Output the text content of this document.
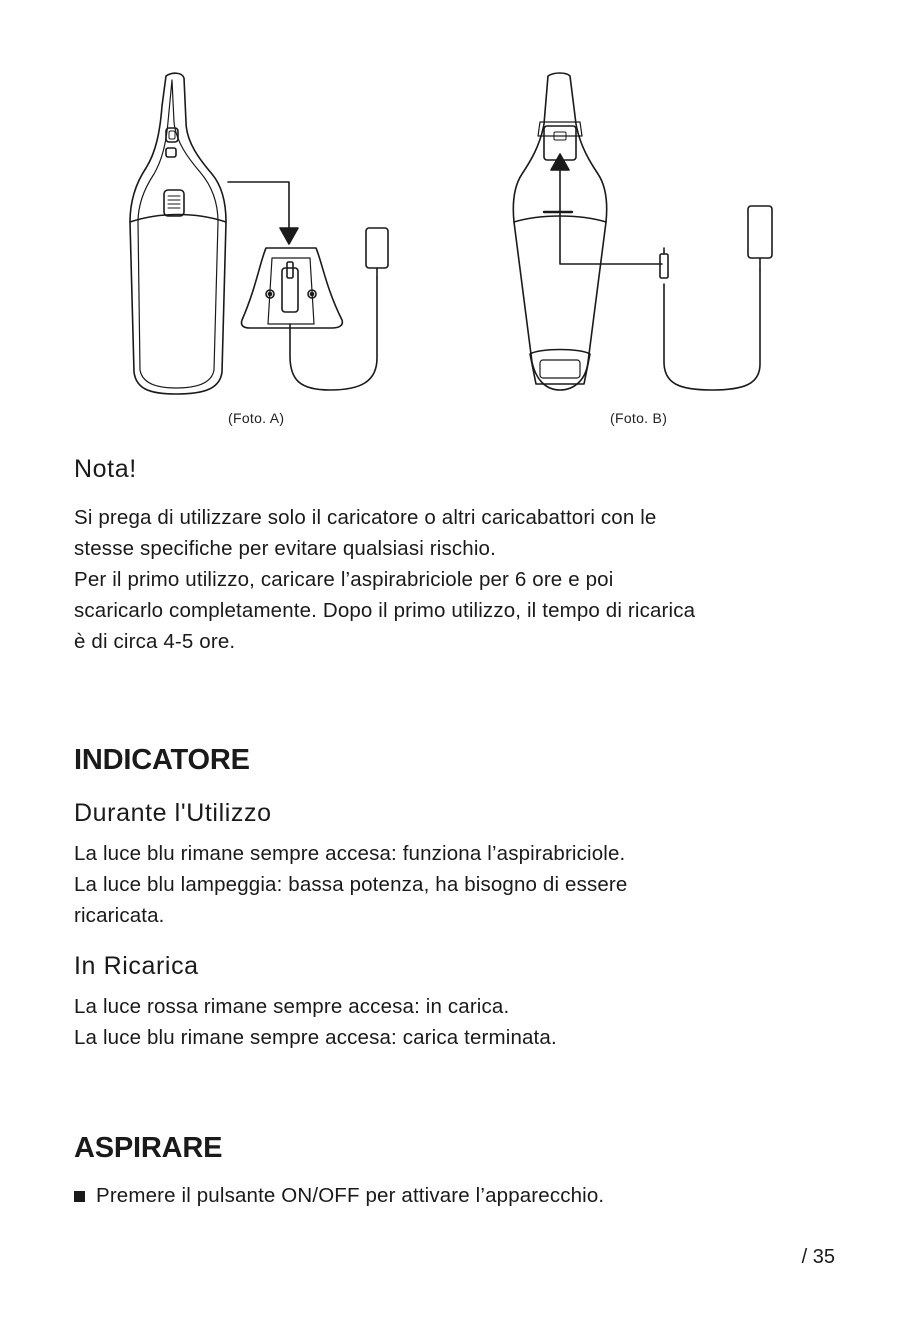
(Foto. A)	(Foto. B)
Nota!

Si prega di utilizzare solo il caricatore o altri caricabattori con le

stesse specifiche per evitare qualsiasi rischio.

Per il primo utilizzo, caricare l’aspirabriciole per 6 ore e poi

scaricarlo completamente. Dopo il primo utilizzo, il tempo di ricarica

è di circa 4-5 ore.

INDICATORE
Durante l'Utilizzo

La luce blu rimane sempre accesa: funziona l’aspirabriciole.

La luce blu lampeggia: bassa potenza, ha bisogno di essere

ricaricata.

In Ricarica

La luce rossa rimane sempre accesa: in carica.

La luce blu rimane sempre accesa: carica terminata.

ASPIRARE

Premere il pulsante ON/OFF per attivare l’apparecchio.

/ 35
